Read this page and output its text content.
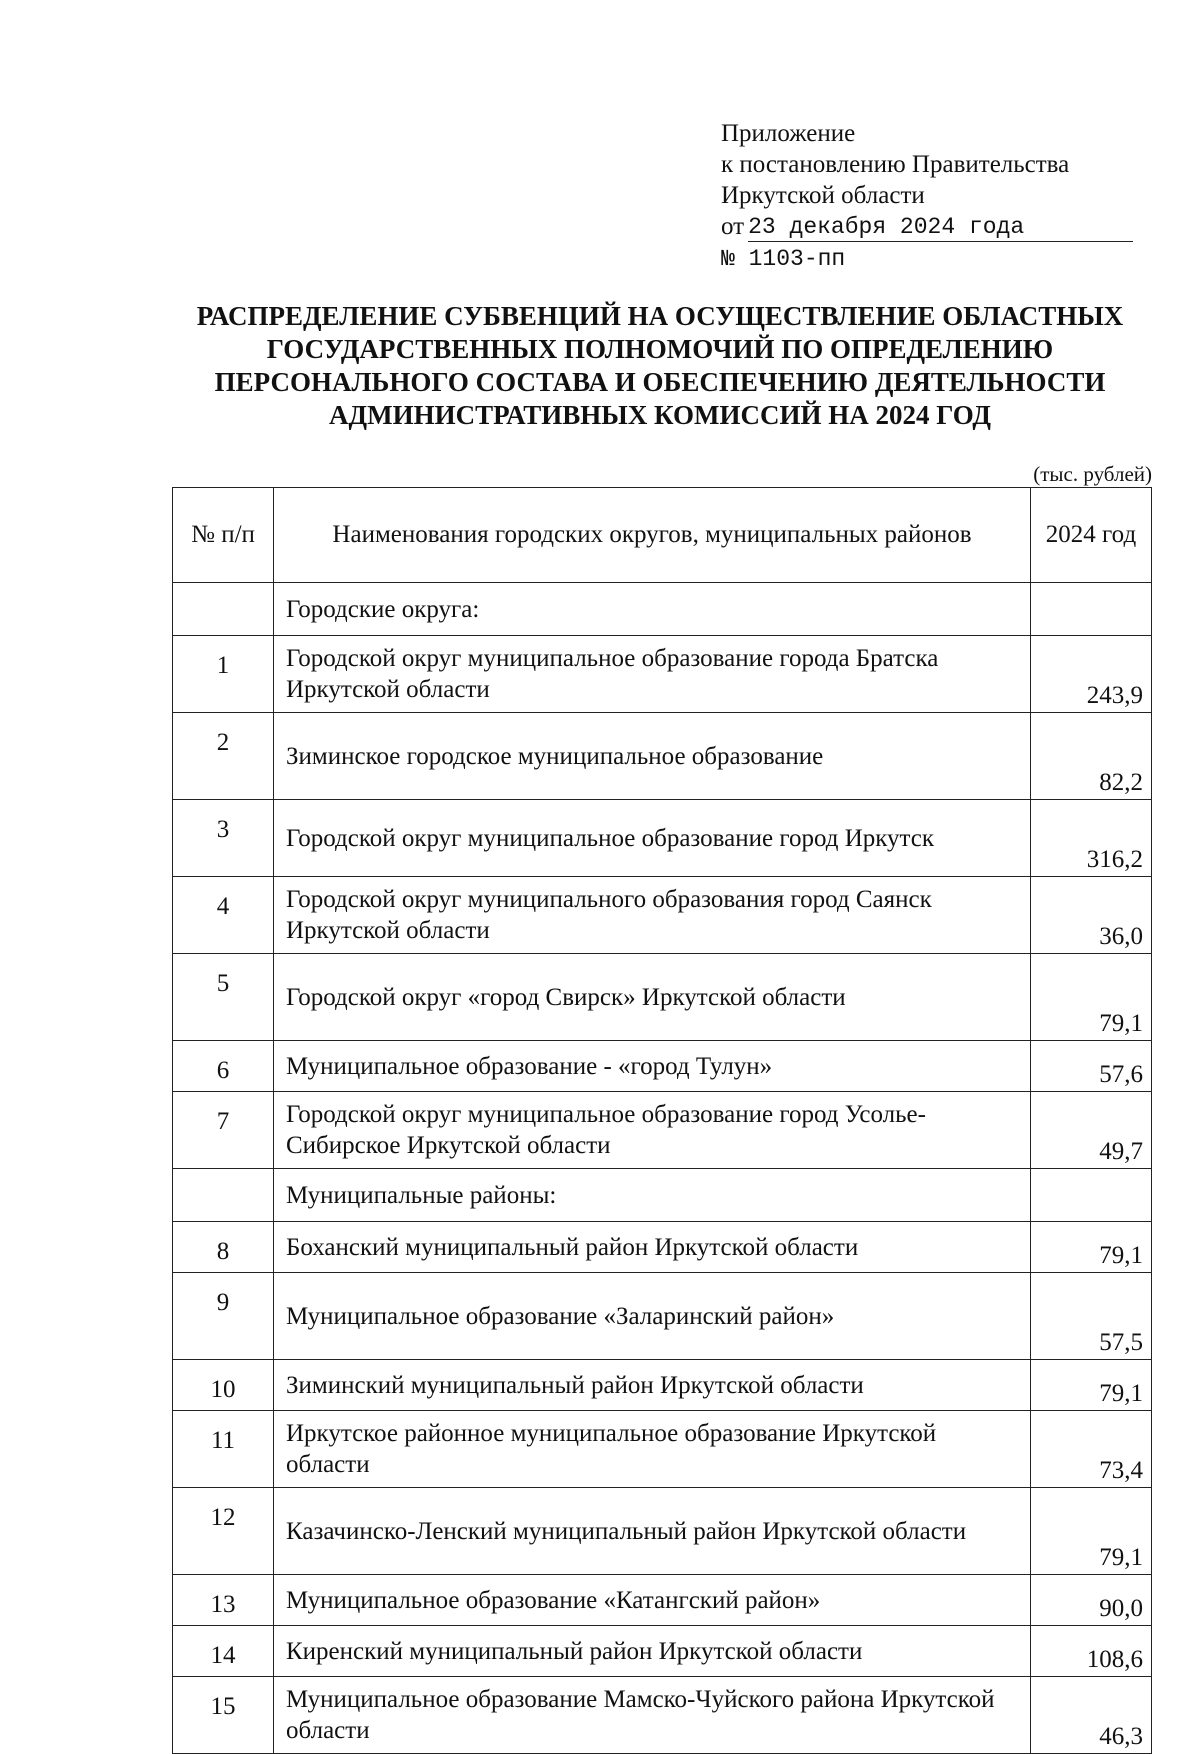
Приложение
к постановлению Правительства
Иркутской области
от 23 декабря 2024 года
№ 1103-пп
РАСПРЕДЕЛЕНИЕ СУБВЕНЦИЙ НА ОСУЩЕСТВЛЕНИЕ ОБЛАСТНЫХ ГОСУДАРСТВЕННЫХ ПОЛНОМОЧИЙ ПО ОПРЕДЕЛЕНИЮ ПЕРСОНАЛЬНОГО СОСТАВА И ОБЕСПЕЧЕНИЮ ДЕЯТЕЛЬНОСТИ АДМИНИСТРАТИВНЫХ КОМИССИЙ НА 2024 ГОД
(тыс. рублей)
№ п/п	Наименования городских округов, муниципальных районов	2024 год
	Городские округа:	
1	Городской округ муниципальное образование города Братска Иркутской области	243,9
2	Зиминское городское муниципальное образование	82,2
3	Городской округ муниципальное образование город Иркутск	316,2
4	Городской округ муниципального образования город Саянск Иркутской области	36,0
5	Городской округ «город Свирск» Иркутской области	79,1
6	Муниципальное образование - «город Тулун»	57,6
7	Городской округ муниципальное образование город Усолье-Сибирское Иркутской области	49,7
	Муниципальные районы:	
8	Боханский муниципальный район Иркутской области	79,1
9	Муниципальное образование «Заларинский район»	57,5
10	Зиминский муниципальный район Иркутской области	79,1
11	Иркутское районное муниципальное образование Иркутской области	73,4
12	Казачинско-Ленский муниципальный район Иркутской области	79,1
13	Муниципальное образование «Катангский район»	90,0
14	Киренский муниципальный район Иркутской области	108,6
15	Муниципальное образование Мамско-Чуйского района Иркутской области	46,3
